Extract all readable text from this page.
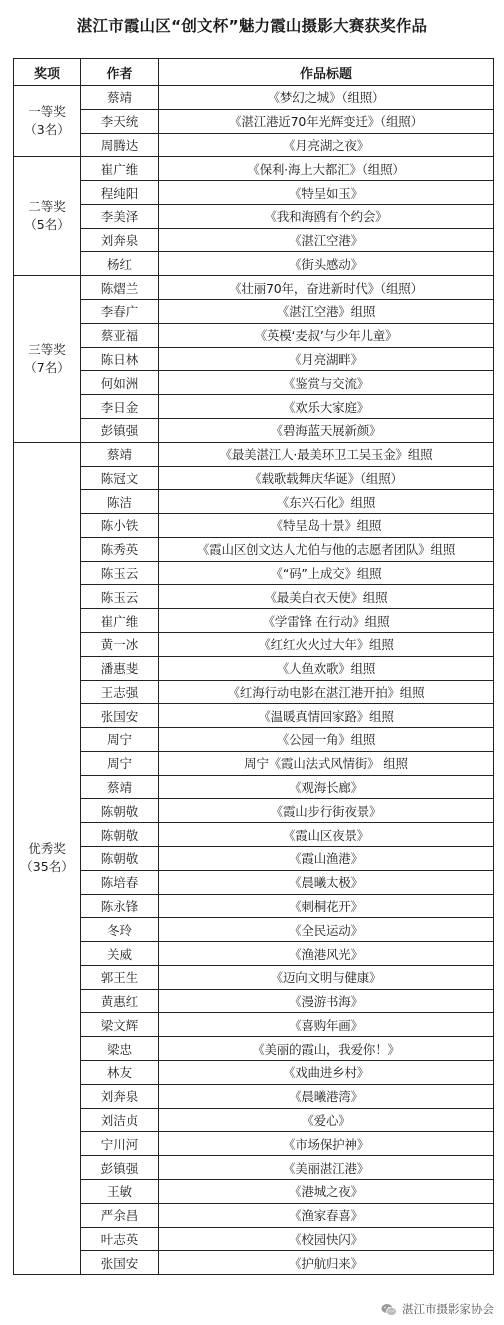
湛江市霞山区“创文杯”魅力霞山摄影大赛获奖作品
奖项	作者	作品标题

一等奖
（3名）	蔡靖	《梦幻之城》（组照）
	李天统	《湛江港近70年光辉变迁》（组照）
	周腾达	《月亮湖之夜》

二等奖
（5名）	崔广维	《保利·海上大都汇》（组照）
	程纯阳	《特呈如玉》
	李美泽	《我和海鸥有个约会》
	刘奔泉	《湛江空港》
	杨红	《街头感动》

三等奖
（7名）	陈熠兰	《壮丽70年，奋进新时代》（组照）
	李春广	《湛江空港》组照
	蔡亚福	《英模‘麦叔’与少年儿童》
	陈日林	《月亮湖畔》
	何如洲	《鉴赏与交流》
	李日金	《欢乐大家庭》
	彭镇强	《碧海蓝天展新颜》

优秀奖
（35名）	蔡靖	《最美湛江人·最美环卫工吴玉金》组照
	陈冠文	《载歌载舞庆华诞》（组照）
	陈洁	《东兴石化》组照
	陈小铁	《特呈岛十景》组照
	陈秀英	《霞山区创文达人尤伯与他的志愿者团队》组照
	陈玉云	《“码”上成交》组照
	陈玉云	《最美白衣天使》组照
	崔广维	《学雷锋 在行动》组照
	黄一冰	《红红火火过大年》组照
	潘惠斐	《人鱼欢歌》组照
	王志强	《红海行动电影在湛江港开拍》组照
	张国安	《温暖真情回家路》组照
	周宁	《公园一角》组照
	周宁	周宁《霞山法式风情街》 组照
	蔡靖	《观海长廊》
	陈朝敬	《霞山步行街夜景》
	陈朝敬	《霞山区夜景》
	陈朝敬	《霞山渔港》
	陈培春	《晨曦太极》
	陈永锋	《刺桐花开》
	冬玲	《全民运动》
	关威	《渔港风光》
	郭王生	《迈向文明与健康》
	黄惠红	《漫游书海》
	梁文辉	《喜购年画》
	梁忠	《美丽的霞山，我爱你！》
	林友	《戏曲进乡村》
	刘奔泉	《晨曦港湾》
	刘洁贞	《爱心》
	宁川河	《市场保护神》
	彭镇强	《美丽湛江港》
	王敏	《港城之夜》
	严余昌	《渔家春喜》
	叶志英	《校园快闪》
	张国安	《护航归来》
湛江市摄影家协会
